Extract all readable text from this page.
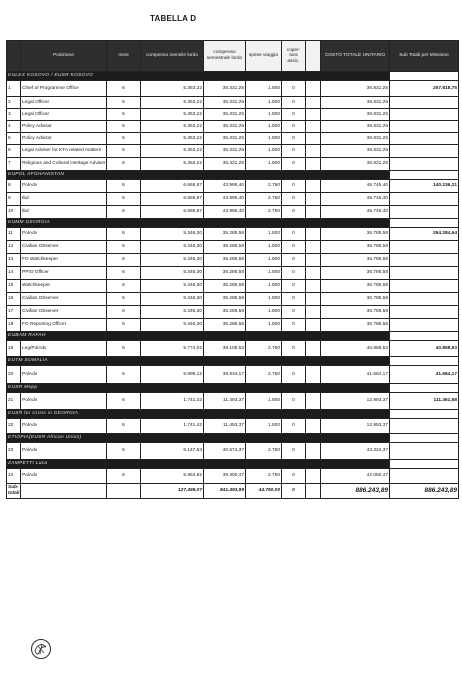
TABELLA D
	Posizione	mesi	compenso mensile lordo	compenso semestrale lordo	spese viaggio	coper- tura assic.		COSTO TOTALE UNITARIO	Sub Totali per Missione
EULEX KOSOVO / EUSR KOSOVO									
1	Chief of Programme Office	6	5.353,22	35.331,25	1.500	0		36.831,25	257.818,75
2	Legal Officer	6	5.353,22	35.331,25	1.500	0		36.831,25	
3	Legal Officer	6	5.353,22	35.331,25	1.500	0		36.831,25	
4	Policy Advisor	6	5.353,22	35.331,25	1.500	0		36.831,25	
5	Policy Advisor	6	5.353,22	35.331,25	1.500	0		36.831,25	
6	Legal Adviser for KTA related matters	6	5.353,22	35.331,25	1.500	0		36.831,25	
7	Religious and Cultural Heritage Adviser	6	5.353,22	35.331,25	1.500	0		36.831,25	
EUPOL AFGHANISTAN									
8	PolAdv	6	6.665,97	43.995,40	2.750	0		46.745,40	140.236,21
9	tbd	6	6.665,97	43.995,40	2.750	0		46.745,40	
10	tbd	6	6.665,97	43.995,40	2.750	0		46.745,40	
EUMM GEORGIA									
11	PolAdv	6	5.346,30	35.285,58	1.500	0		36.785,58	294.284,64
12	Civilian Observer	6	5.346,30	35.285,58	1.500	0		36.785,58	
13	FO Watchkeeper	6	5.346,30	35.285,58	1.500	0		36.785,58	
14	PPIO Officer	6	5.346,30	35.285,58	1.500	0		36.785,58	
15	Watchkeeper	6	5.346,30	35.285,58	1.500	0		36.785,58	
16	Civilian Observer	6	5.346,30	35.285,58	1.500	0		36.785,58	
17	Civilian Observer	6	5.346,30	35.285,58	1.500	0		36.785,58	
18	FO Reporting Officer	6	5.346,30	35.285,58	1.500	0		36.785,58	
EUBAM RAFAH									
19	Leg/PolAdv	6	5.774,02	38.108,53	2.750	0		40.858,53	40.858,53
EUTM SOMALIA									
20	PolAdv	6	5.899,12	38.934,17	2.750	0		41.684,17	41.684,17
EUSR Mepp									
21	PolAdv	6	1.741,42	11.493,37	1.500	0		12.993,37	111.361,58
EUSR for Crisis in GEORGIA									
22	PolAdv	6	1.741,42	11.493,37	1.500	0		12.993,37	
ETIOPIA(EUSR African Union)									
23	PolAdv	6	6.147,53	40.574,37	2.750	0		43.324,37	
ZAMPETTI Luca									
24	PolAdv	6	5.954,62	39.300,47	2.750	0		42.050,47	
Sub-totali			127.499,07	841.493,89	44.750,00	0		886.243,89	886.243,89
